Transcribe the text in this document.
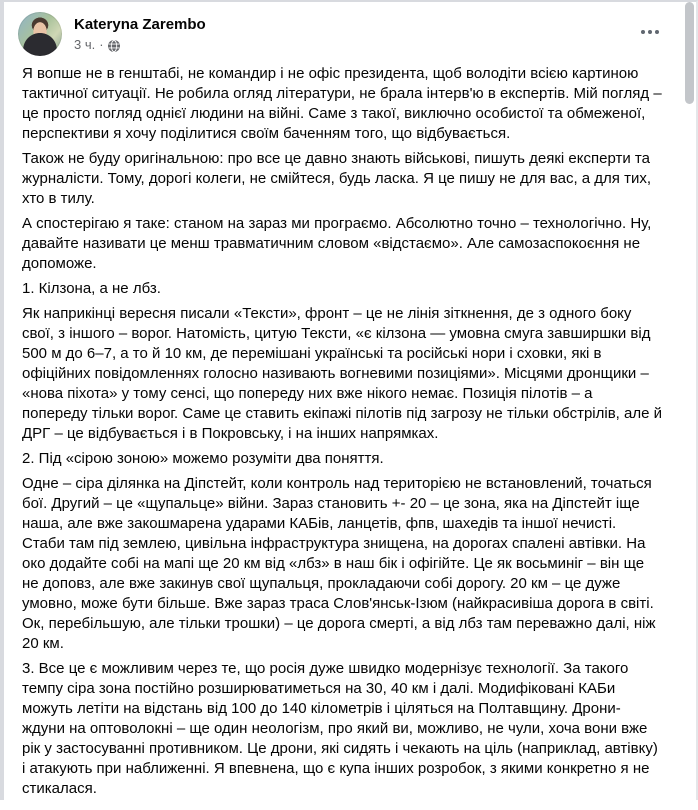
Kateryna Zarembo
3 ч. ·

Я вопше не в генштабі, не командир і не офіс президента, щоб володіти всією картиною тактичної ситуації. Не робила огляд літератури, не брала інтерв'ю в експертів. Мій погляд – це просто погляд однієї людини на війні. Саме з такої, виключно особистої та обмеженої, перспективи я хочу поділитися своїм баченням того, що відбувається.

Також не буду оригінальною: про все це давно знають військові, пишуть деякі експерти та журналісти. Тому, дорогі колеги, не смійтеся, будь ласка. Я це пишу не для вас, а для тих, хто в тилу.

А спостерігаю я таке: станом на зараз ми програємо. Абсолютно точно – технологічно. Ну, давайте називати це менш травматичним словом «відстаємо». Але самозаспокоєння не допоможе.

1. Кілзона, а не лбз.

Як наприкінці вересня писали «Тексти», фронт – це не лінія зіткнення, де з одного боку свої, з іншого – ворог. Натомість, цитую Тексти, «є кілзона — умовна смуга завширшки від 500 м до 6–7, а то й 10 км, де перемішані українські та російські нори і сховки, які в офіційних повідомленнях голосно називають вогневими позиціями». Місцями дронщики – «нова піхота» у тому сенсі, що попереду них вже нікого немає. Позиція пілотів – а попереду тільки ворог. Саме це ставить екіпажі пілотів під загрозу не тільки обстрілів, але й ДРГ – це відбувається і в Покровську, і на інших напрямках.

2. Під «сірою зоною» можемо розуміти два поняття.

Одне – сіра ділянка на Діпстейт, коли контроль над територією не встановлений, точаться бої. Другий – це «щупальце» війни. Зараз становить +- 20 – це зона, яка на Діпстейт іще наша, але вже закошмарена ударами КАБів, ланцетів, фпв, шахедів та іншої нечисті. Стаби там під землею, цивільна інфраструктура знищена, на дорогах спалені автівки. На око додайте собі на мапі ще 20 км від «лбз» в наш бік і офігійте. Це як восьминіг – він ще не доповз, але вже закинув свої щупальця, прокладаючи собі дорогу. 20 км – це дуже умовно, може бути більше. Вже зараз траса Слов'янськ-Ізюм (найкрасивіша дорога в світі. Ок, перебільшую, але тільки трошки) – це дорога смерті, а від лбз там переважно далі, ніж 20 км.

3. Все це є можливим через те, що росія дуже швидко модернізує технології. За такого темпу сіра зона постійно розширюватиметься на 30, 40 км і далі. Модифіковані КАБи можуть летіти на відстань від 100 до 140 кілометрів і ціляться на Полтавщину. Дрони-ждуни на оптоволокні – ще один неологізм, про який ви, можливо, не чули, хоча вони вже рік у застосуванні противником. Це дрони, які сидять і чекають на ціль (наприклад, автівку) і атакують при наближенні. Я впевнена, що є купа інших розробок, з якими конкретно я не стикалася.
